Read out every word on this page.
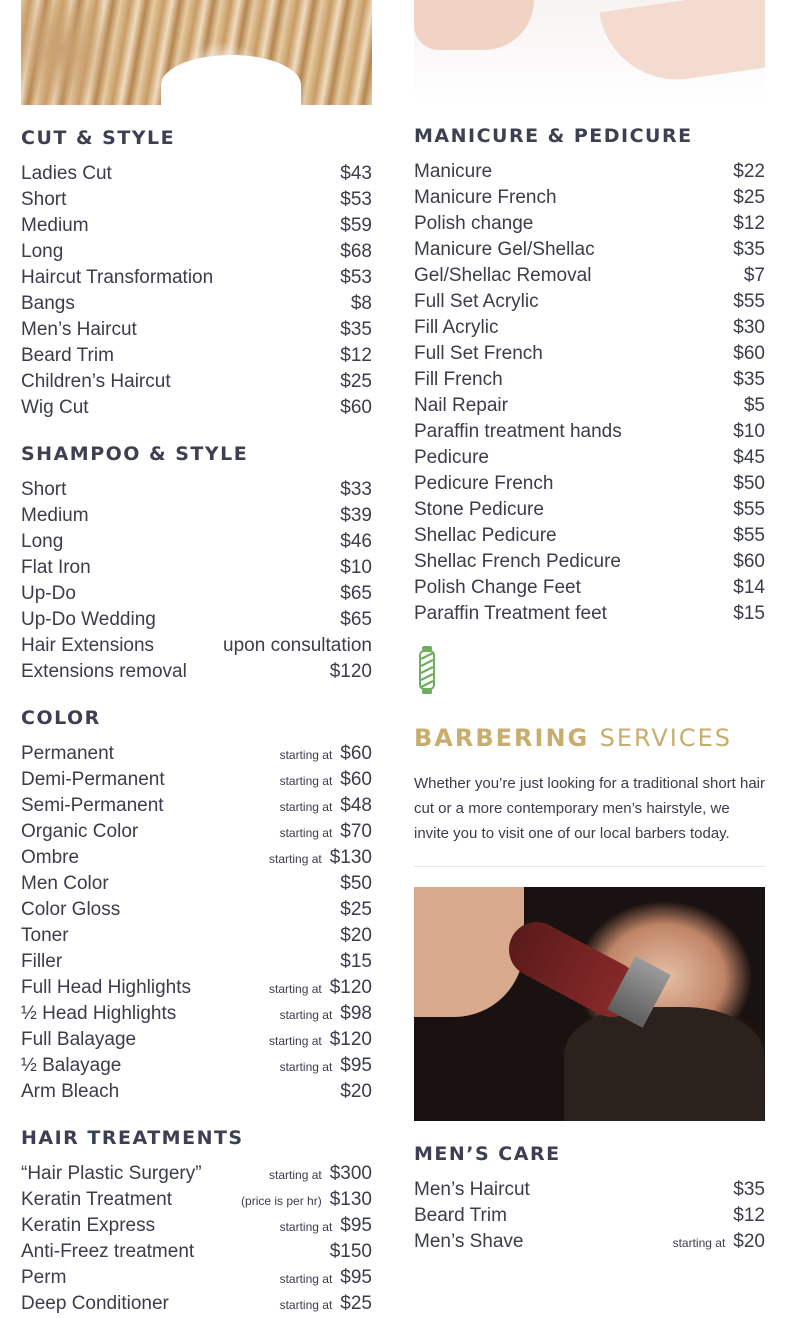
CUT & STYLE
Ladies Cut	$43
Short	$53
Medium	$59
Long	$68
Haircut Transformation	$53
Bangs	$8
Men’s Haircut	$35
Beard Trim	$12
Children’s Haircut	$25
Wig Cut	$60
SHAMPOO & STYLE
Short	$33
Medium	$39
Long	$46
Flat Iron	$10
Up-Do	$65
Up-Do Wedding	$65
Hair Extensions	upon consultation
Extensions removal	$120
COLOR
Permanent	starting at $60
Demi-Permanent	starting at $60
Semi-Permanent	starting at $48
Organic Color	starting at $70
Ombre	starting at $130
Men Color	$50
Color Gloss	$25
Toner	$20
Filler	$15
Full Head Highlights	starting at $120
½ Head Highlights	starting at $98
Full Balayage	starting at $120
½ Balayage	starting at $95
Arm Bleach	$20
HAIR TREATMENTS
“Hair Plastic Surgery”	starting at $300
Keratin Treatment	(price is per hr) $130
Keratin Express	starting at $95
Anti-Freez treatment	$150
Perm	starting at $95
Deep Conditioner	starting at $25
MANICURE & PEDICURE
Manicure	$22
Manicure French	$25
Polish change	$12
Manicure Gel/Shellac	$35
Gel/Shellac Removal	$7
Full Set Acrylic	$55
Fill Acrylic	$30
Full Set French	$60
Fill French	$35
Nail Repair	$5
Paraffin treatment hands	$10
Pedicure	$45
Pedicure French	$50
Stone Pedicure	$55
Shellac Pedicure	$55
Shellac French Pedicure	$60
Polish Change Feet	$14
Paraffin Treatment feet	$15
BARBERING SERVICES

Whether you’re just looking for a traditional short hair cut or a more contemporary men’s hairstyle, we invite you to visit one of our local barbers today.

MEN’S CARE
Men’s Haircut	$35
Beard Trim	$12
Men’s Shave	starting at $20
